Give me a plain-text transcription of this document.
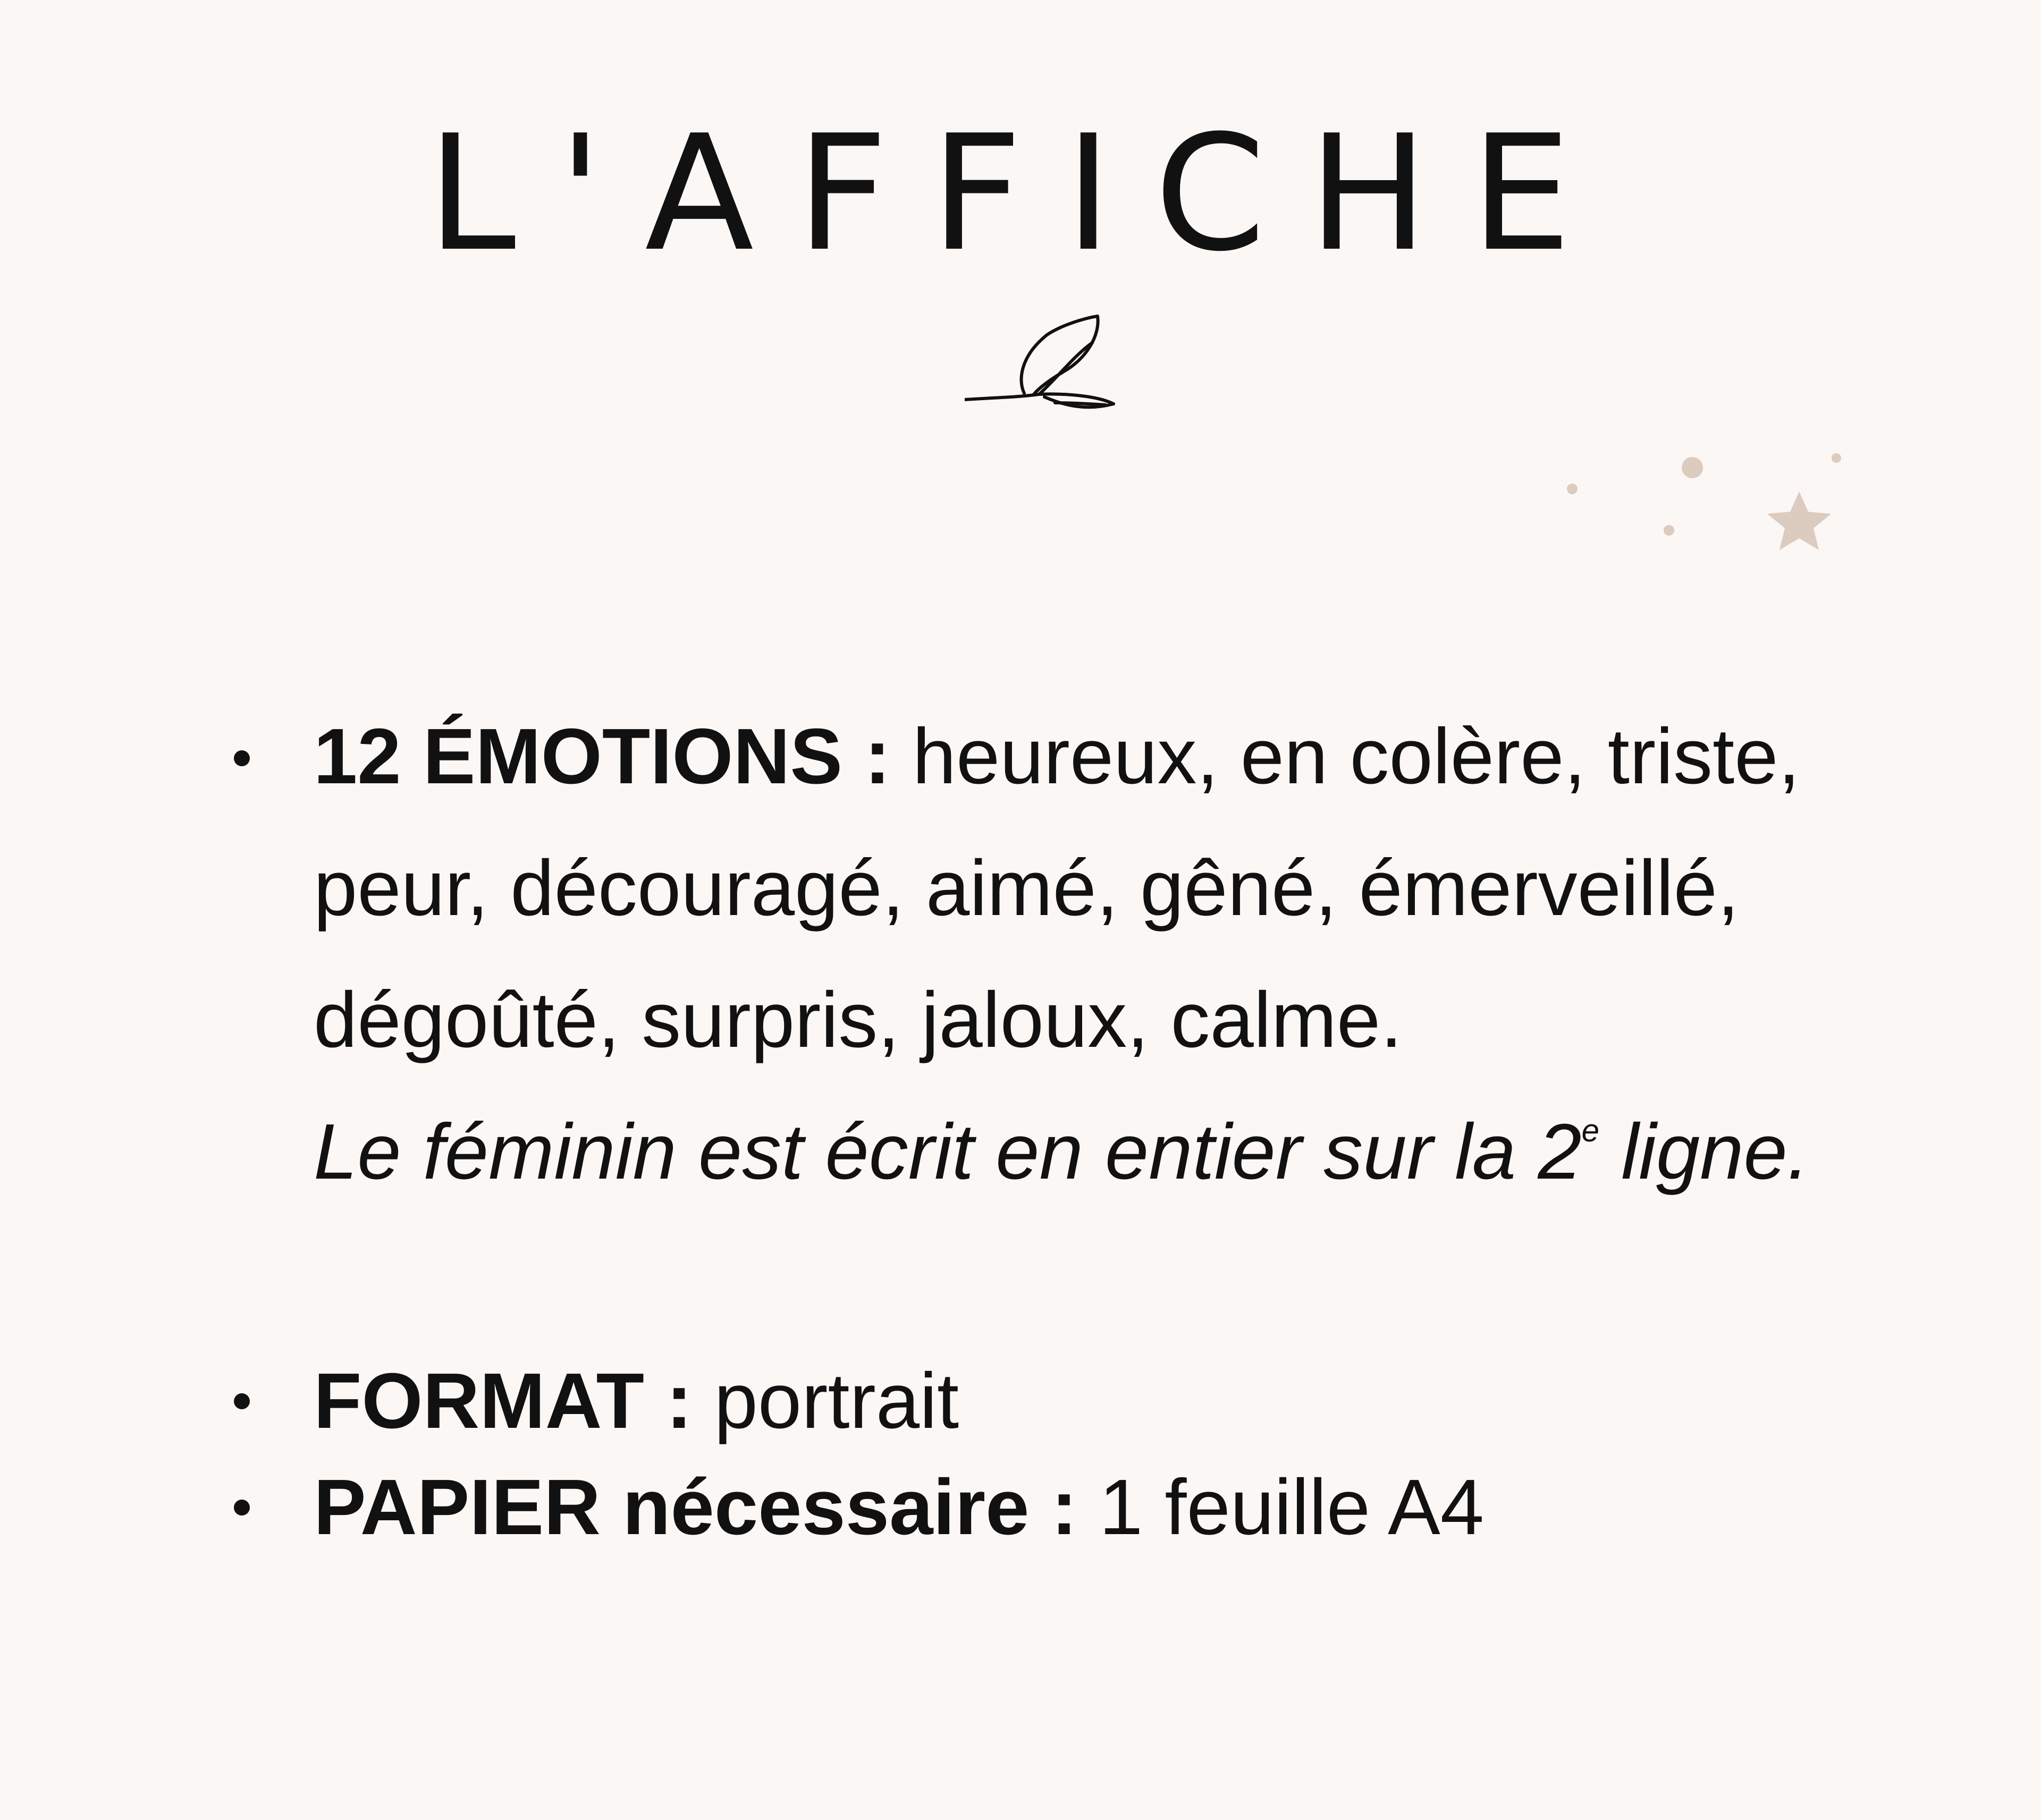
L'AFFICHE
12 ÉMOTIONS : heureux, en colère, triste, peur, découragé, aimé, gêné, émerveillé, dégoûté, surpris, jaloux, calme.
Le féminin est écrit en entier sur la 2e ligne.
FORMAT : portrait
PAPIER nécessaire : 1 feuille A4
